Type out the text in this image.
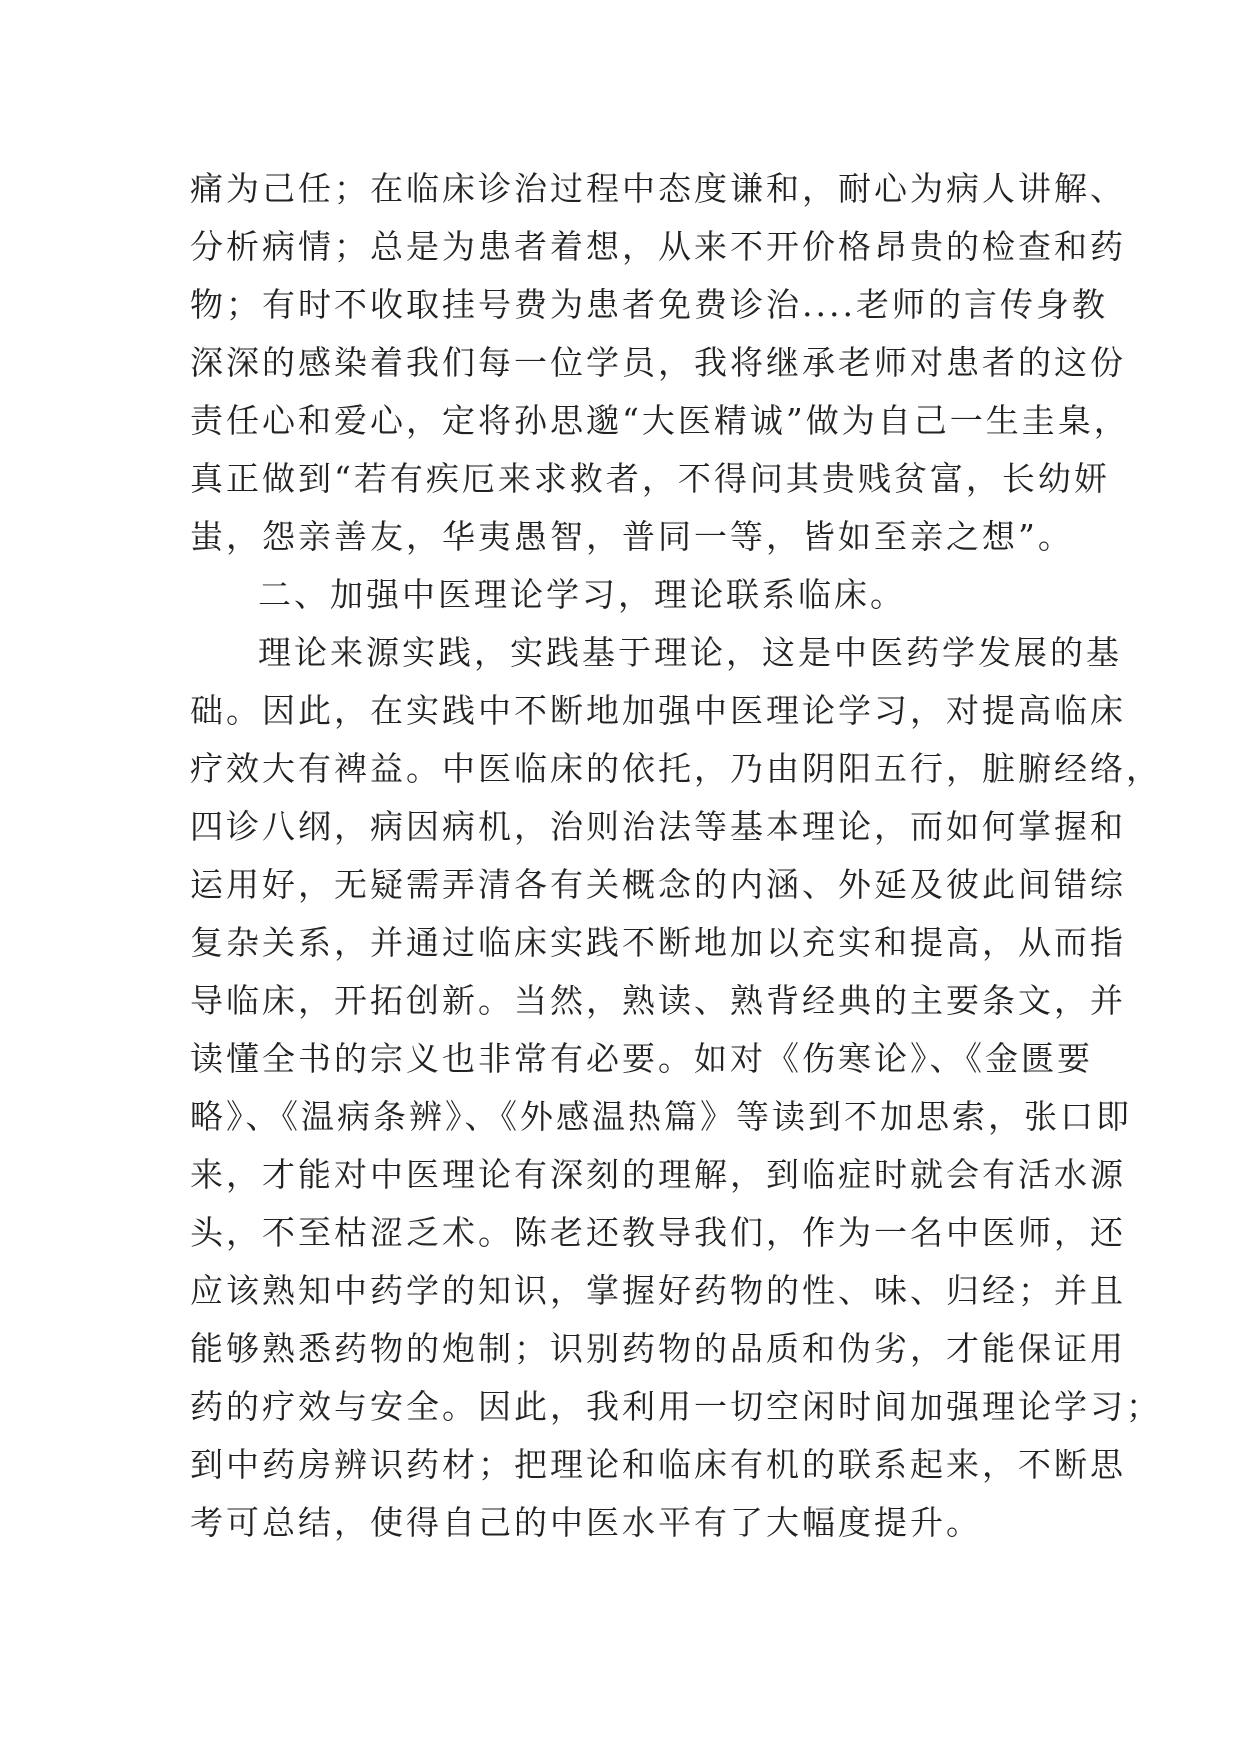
痛为己任；在临床诊治过程中态度谦和，耐心为病人讲解、
分析病情；总是为患者着想，从来不开价格昂贵的检查和药
物；有时不收取挂号费为患者免费诊治....老师的言传身教
深深的感染着我们每一位学员，我将继承老师对患者的这份
责任心和爱心，定将孙思邈“大医精诚”做为自己一生圭臬，
真正做到“若有疾厄来求救者，不得问其贵贱贫富，长幼妍
蚩，怨亲善友，华夷愚智，普同一等，皆如至亲之想”。
二、加强中医理论学习，理论联系临床。
理论来源实践，实践基于理论，这是中医药学发展的基
础。因此，在实践中不断地加强中医理论学习，对提高临床
疗效大有裨益。中医临床的依托，乃由阴阳五行，脏腑经络，
四诊八纲，病因病机，治则治法等基本理论，而如何掌握和
运用好，无疑需弄清各有关概念的内涵、外延及彼此间错综
复杂关系，并通过临床实践不断地加以充实和提高，从而指
导临床，开拓创新。当然，熟读、熟背经典的主要条文，并
读懂全书的宗义也非常有必要。如对《伤寒论》、《金匮要
略》、《温病条辨》、《外感温热篇》等读到不加思索，张口即
来，才能对中医理论有深刻的理解，到临症时就会有活水源
头，不至枯涩乏术。陈老还教导我们，作为一名中医师，还
应该熟知中药学的知识，掌握好药物的性、味、归经；并且
能够熟悉药物的炮制；识别药物的品质和伪劣，才能保证用
药的疗效与安全。因此，我利用一切空闲时间加强理论学习；
到中药房辨识药材；把理论和临床有机的联系起来，不断思
考可总结，使得自己的中医水平有了大幅度提升。
